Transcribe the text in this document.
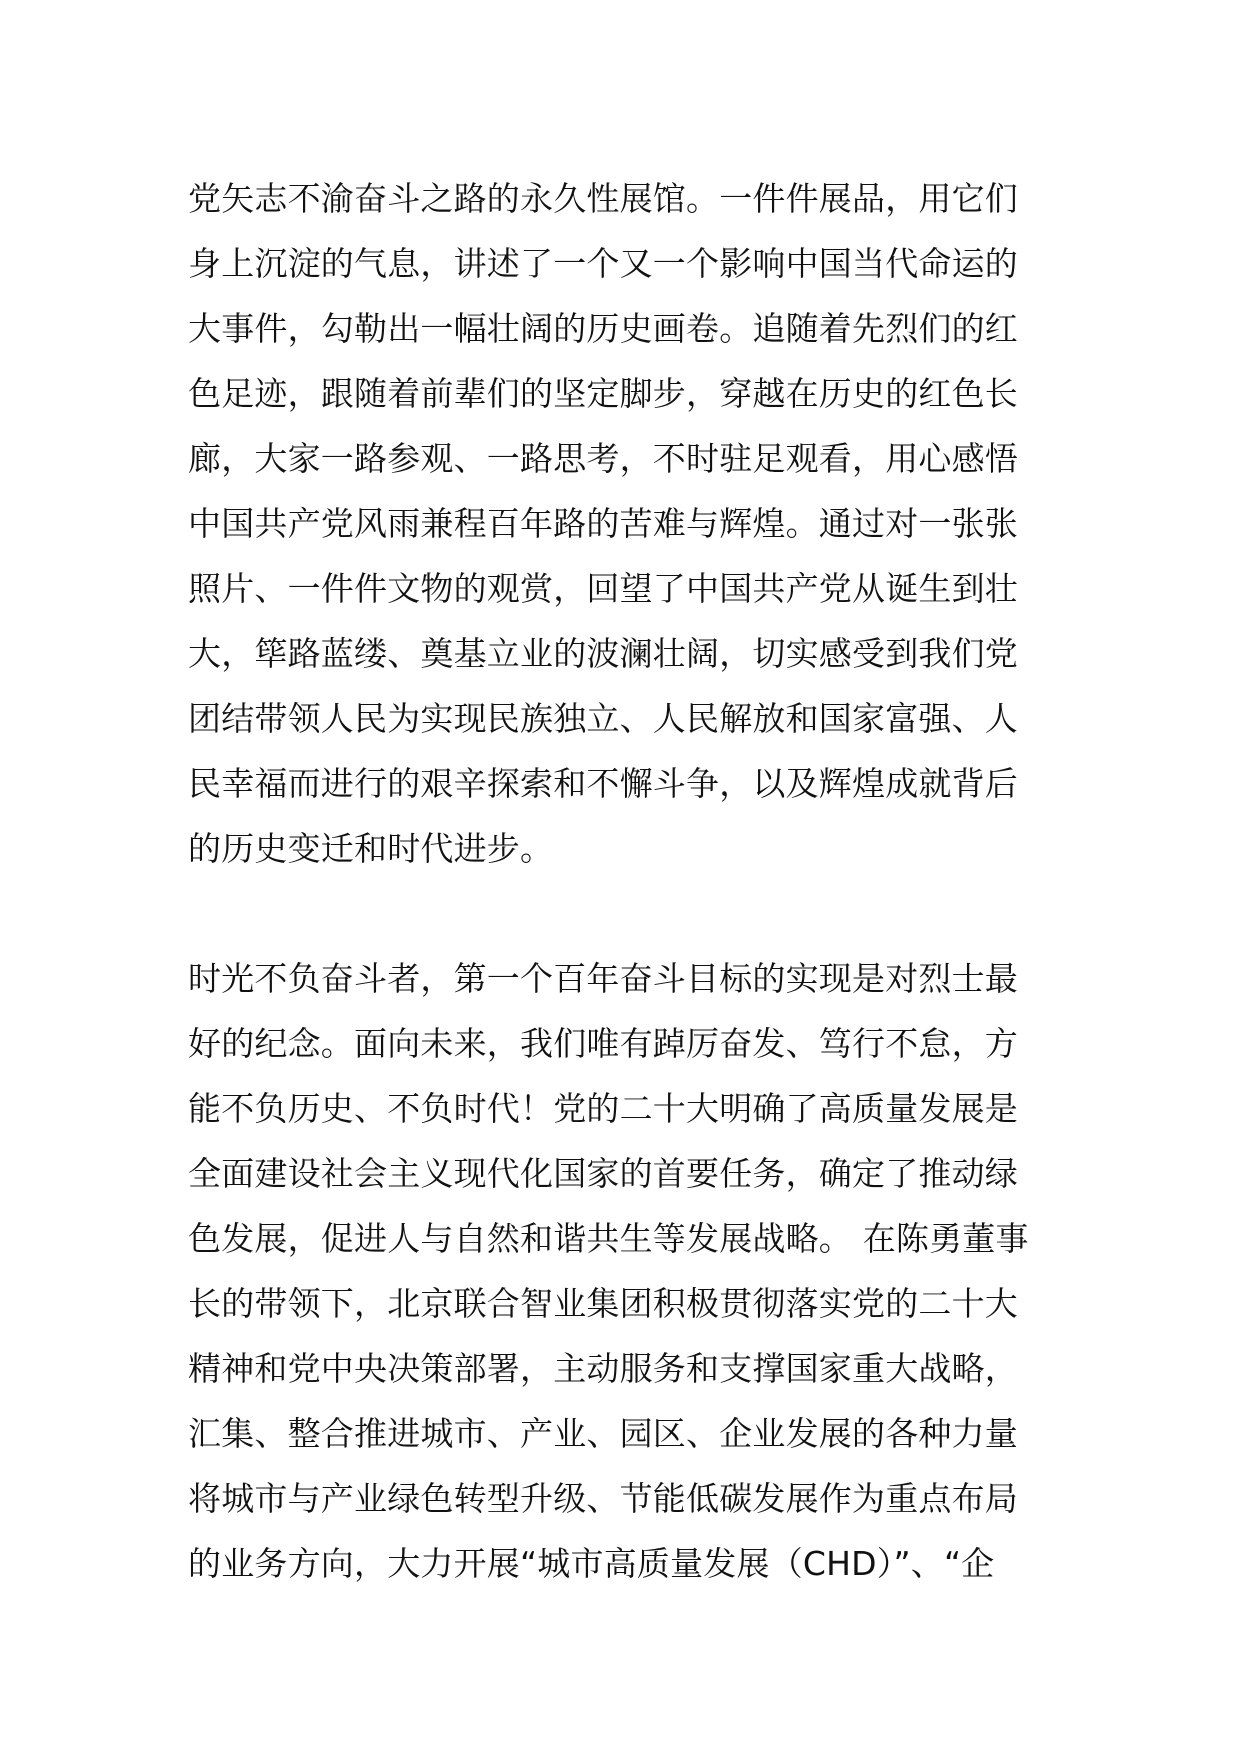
党矢志不渝奋斗之路的永久性展馆。一件件展品，用它们
身上沉淀的气息，讲述了一个又一个影响中国当代命运的
大事件，勾勒出一幅壮阔的历史画卷。追随着先烈们的红
色足迹，跟随着前辈们的坚定脚步，穿越在历史的红色长
廊，大家一路参观、一路思考，不时驻足观看，用心感悟
中国共产党风雨兼程百年路的苦难与辉煌。通过对一张张
照片、一件件文物的观赏，回望了中国共产党从诞生到壮
大，筚路蓝缕、奠基立业的波澜壮阔，切实感受到我们党
团结带领人民为实现民族独立、人民解放和国家富强、人
民幸福而进行的艰辛探索和不懈斗争，以及辉煌成就背后
的历史变迁和时代进步。

时光不负奋斗者，第一个百年奋斗目标的实现是对烈士最
好的纪念。面向未来，我们唯有踔厉奋发、笃行不怠，方
能不负历史、不负时代！党的二十大明确了高质量发展是
全面建设社会主义现代化国家的首要任务，确定了推动绿
色发展，促进人与自然和谐共生等发展战略。 在陈勇董事
长的带领下，北京联合智业集团积极贯彻落实党的二十大
精神和党中央决策部署，主动服务和支撑国家重大战略，
汇集、整合推进城市、产业、园区、企业发展的各种力量
将城市与产业绿色转型升级、节能低碳发展作为重点布局
的业务方向，大力开展“城市高质量发展（CHD）”、“企
